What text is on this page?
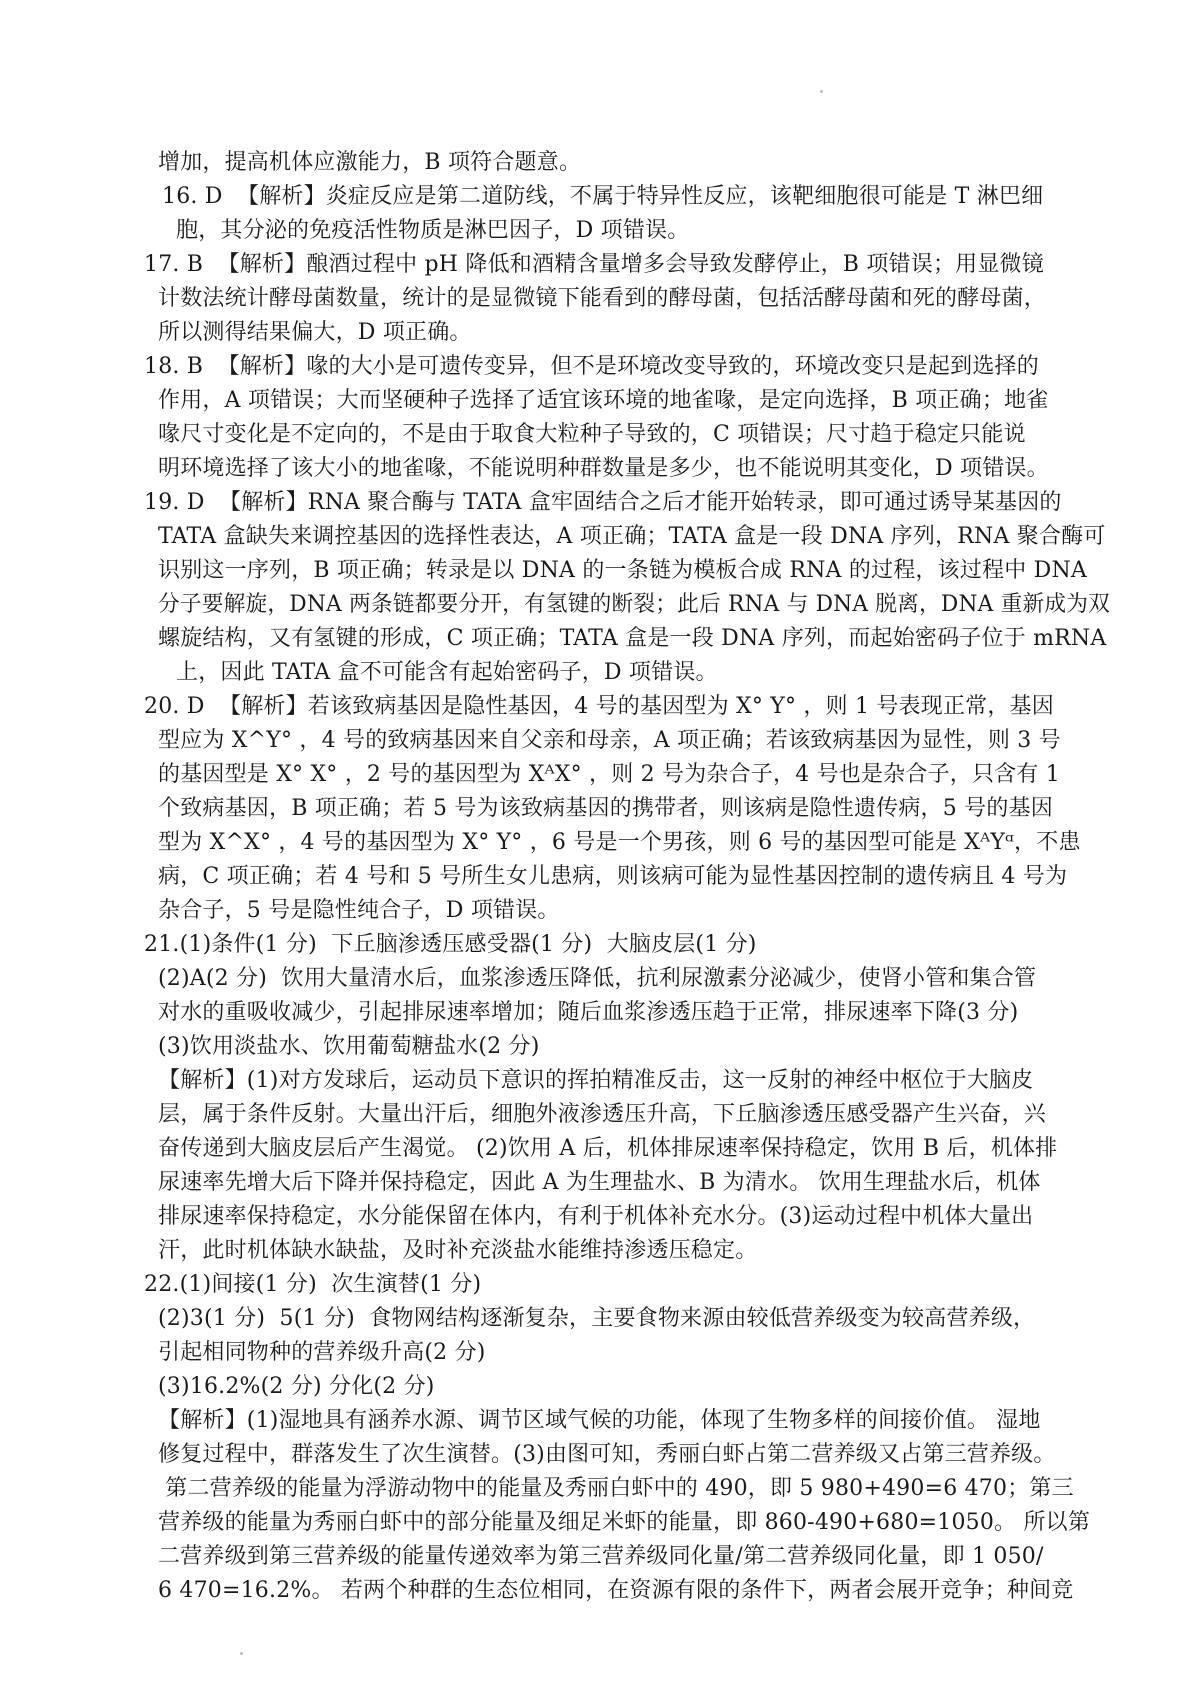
增加，提高机体应激能力，B 项符合题意。
16. D  【解析】炎症反应是第二道防线，不属于特异性反应，该靶细胞很可能是 T 淋巴细
胞，其分泌的免疫活性物质是淋巴因子，D 项错误。
17. B  【解析】酿酒过程中 pH 降低和酒精含量增多会导致发酵停止，B 项错误；用显微镜
计数法统计酵母菌数量，统计的是显微镜下能看到的酵母菌，包括活酵母菌和死的酵母菌，
所以测得结果偏大，D 项正确。
18. B  【解析】喙的大小是可遗传变异，但不是环境改变导致的，环境改变只是起到选择的
作用，A 项错误；大而坚硬种子选择了适宜该环境的地雀喙，是定向选择，B 项正确；地雀
喙尺寸变化是不定向的，不是由于取食大粒种子导致的，C 项错误；尺寸趋于稳定只能说
明环境选择了该大小的地雀喙，不能说明种群数量是多少，也不能说明其变化，D 项错误。
19. D  【解析】RNA 聚合酶与 TATA 盒牢固结合之后才能开始转录，即可通过诱导某基因的
TATA 盒缺失来调控基因的选择性表达，A 项正确；TATA 盒是一段 DNA 序列，RNA 聚合酶可
识别这一序列，B 项正确；转录是以 DNA 的一条链为模板合成 RNA 的过程，该过程中 DNA
分子要解旋，DNA 两条链都要分开，有氢键的断裂；此后 RNA 与 DNA 脱离，DNA 重新成为双
螺旋结构，又有氢键的形成，C 项正确；TATA 盒是一段 DNA 序列，而起始密码子位于 mRNA
上，因此 TATA 盒不可能含有起始密码子，D 项错误。
20. D  【解析】若该致病基因是隐性基因，4 号的基因型为 X° Y° ，则 1 号表现正常，基因
型应为 X^Y° ，4 号的致病基因来自父亲和母亲，A 项正确；若该致病基因为显性，则 3 号
的基因型是 X° X° ，2 号的基因型为 XᴬX° ，则 2 号为杂合子，4 号也是杂合子，只含有 1
个致病基因，B 项正确；若 5 号为该致病基因的携带者，则该病是隐性遗传病，5 号的基因
型为 X^X° ，4 号的基因型为 X° Y° ，6 号是一个男孩，则 6 号的基因型可能是 XᴬYᵅ，不患
病，C 项正确；若 4 号和 5 号所生女儿患病，则该病可能为显性基因控制的遗传病且 4 号为
杂合子，5 号是隐性纯合子，D 项错误。
21.(1)条件(1 分)  下丘脑渗透压感受器(1 分)  大脑皮层(1 分)
(2)A(2 分)  饮用大量清水后，血浆渗透压降低，抗利尿激素分泌减少，使肾小管和集合管
对水的重吸收减少，引起排尿速率增加；随后血浆渗透压趋于正常，排尿速率下降(3 分)
(3)饮用淡盐水、饮用葡萄糖盐水(2 分)
【解析】(1)对方发球后，运动员下意识的挥拍精准反击，这一反射的神经中枢位于大脑皮
层，属于条件反射。大量出汗后，细胞外液渗透压升高，下丘脑渗透压感受器产生兴奋，兴
奋传递到大脑皮层后产生渴觉。 (2)饮用 A 后，机体排尿速率保持稳定，饮用 B 后，机体排
尿速率先增大后下降并保持稳定，因此 A 为生理盐水、B 为清水。 饮用生理盐水后，机体
排尿速率保持稳定，水分能保留在体内，有利于机体补充水分。(3)运动过程中机体大量出
汗，此时机体缺水缺盐，及时补充淡盐水能维持渗透压稳定。
22.(1)间接(1 分)  次生演替(1 分)
(2)3(1 分)  5(1 分)  食物网结构逐渐复杂，主要食物来源由较低营养级变为较高营养级，
引起相同物种的营养级升高(2 分)
(3)16.2%(2 分) 分化(2 分)
【解析】(1)湿地具有涵养水源、调节区域气候的功能，体现了生物多样的间接价值。 湿地
修复过程中，群落发生了次生演替。(3)由图可知，秀丽白虾占第二营养级又占第三营养级。
第二营养级的能量为浮游动物中的能量及秀丽白虾中的 490，即 5 980+490=6 470；第三
营养级的能量为秀丽白虾中的部分能量及细足米虾的能量，即 860-490+680=1050。 所以第
二营养级到第三营养级的能量传递效率为第三营养级同化量/第二营养级同化量，即 1 050/
6 470=16.2%。 若两个种群的生态位相同，在资源有限的条件下，两者会展开竞争；种间竞
